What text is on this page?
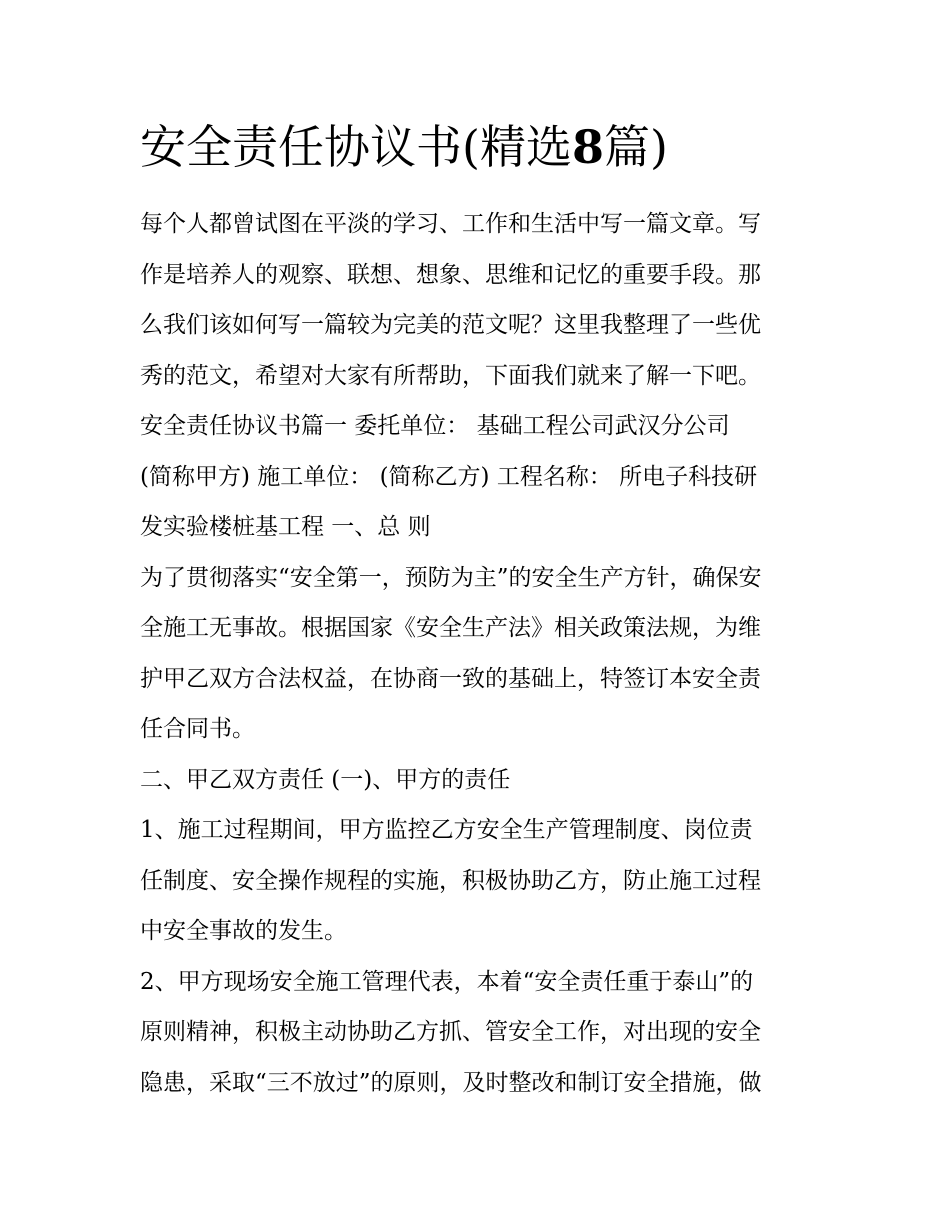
安全责任协议书(精选8篇)
每个人都曾试图在平淡的学习、工作和生活中写一篇文章。写
作是培养人的观察、联想、想象、思维和记忆的重要手段。那
么我们该如何写一篇较为完美的范文呢？这里我整理了一些优
秀的范文，希望对大家有所帮助，下面我们就来了解一下吧。
安全责任协议书篇一 委托单位： 基础工程公司武汉分公司
(简称甲方) 施工单位： (简称乙方) 工程名称： 所电子科技研
发实验楼桩基工程 一、总 则
为了贯彻落实“安全第一，预防为主”的安全生产方针，确保安
全施工无事故。根据国家《安全生产法》相关政策法规，为维
护甲乙双方合法权益，在协商一致的基础上，特签订本安全责
任合同书。
二、甲乙双方责任 (一)、甲方的责任
1、施工过程期间，甲方监控乙方安全生产管理制度、岗位责
任制度、安全操作规程的实施，积极协助乙方，防止施工过程
中安全事故的发生。
2、甲方现场安全施工管理代表，本着“安全责任重于泰山”的
原则精神，积极主动协助乙方抓、管安全工作，对出现的安全
隐患，采取“三不放过”的原则，及时整改和制订安全措施，做
